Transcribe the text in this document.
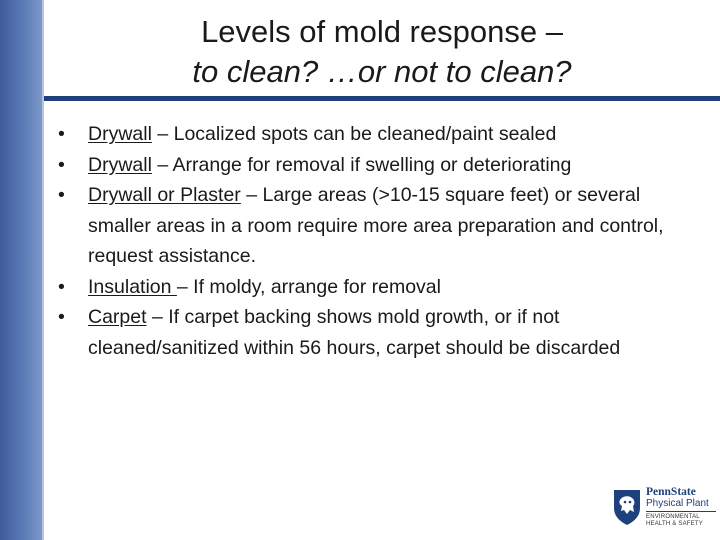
Levels of mold response –
to clean? …or not to clean?
•	Drywall – Localized spots can be cleaned/paint sealed
•	Drywall – Arrange for removal if swelling or deteriorating
•	Drywall or Plaster – Large areas (>10-15 square feet) or several smaller areas in a room require more area preparation and control, request assistance.
•	Insulation – If moldy, arrange for removal
•	Carpet – If carpet backing shows mold growth, or if not cleaned/sanitized within 56 hours, carpet should be discarded
PennState
Physical Plant
ENVIRONMENTAL
HEALTH & SAFETY
